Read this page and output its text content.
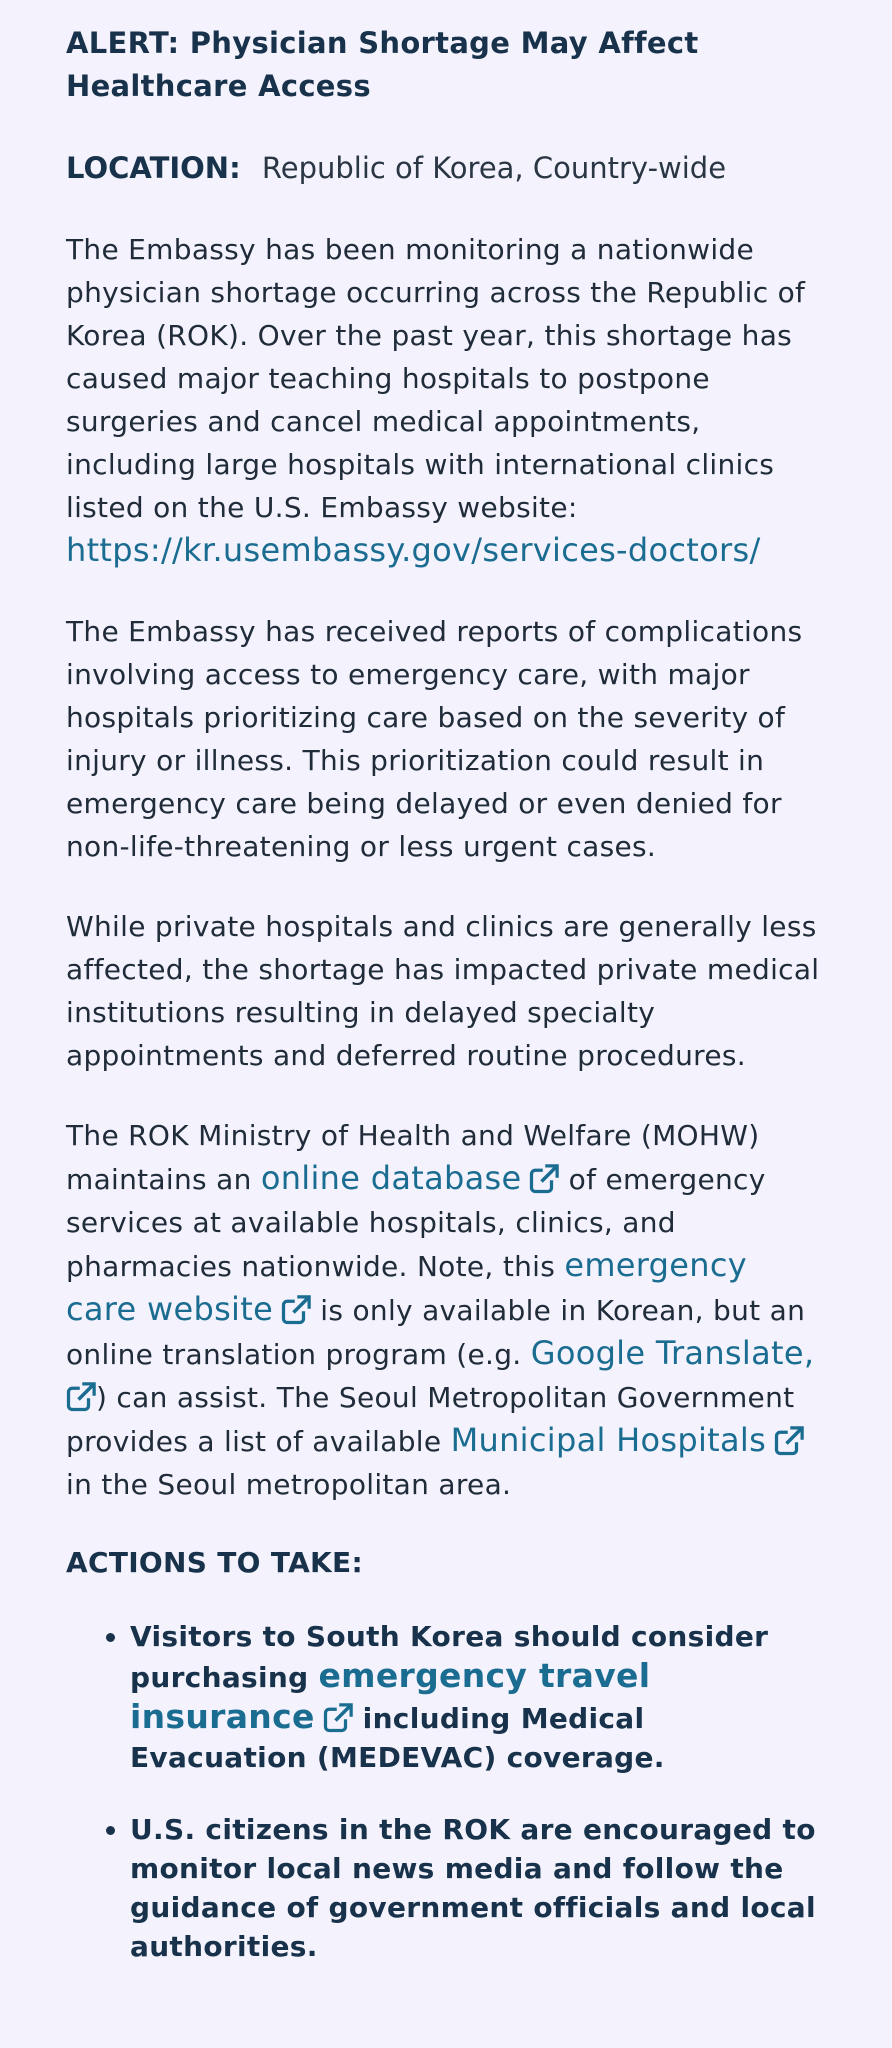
ALERT: Physician Shortage May Affect Healthcare Access
LOCATION: Republic of Korea, Country-wide

The Embassy has been monitoring a nationwide physician shortage occurring across the Republic of Korea (ROK). Over the past year, this shortage has caused major teaching hospitals to postpone surgeries and cancel medical appointments, including large hospitals with international clinics listed on the U.S. Embassy website: https://kr.usembassy.gov/services-doctors/

The Embassy has received reports of complications involving access to emergency care, with major hospitals prioritizing care based on the severity of injury or illness. This prioritization could result in emergency care being delayed or even denied for non-life-threatening or less urgent cases.

While private hospitals and clinics are generally less affected, the shortage has impacted private medical institutions resulting in delayed specialty appointments and deferred routine procedures.

The ROK Ministry of Health and Welfare (MOHW) maintains an online database
of emergency services at available hospitals, clinics, and pharmacies nationwide. Note, this emergency care website
is only available in Korean, but an online translation program (e.g. Google Translate,
) can assist. The Seoul Metropolitan Government provides a list of available Municipal Hospitals
in the Seoul metropolitan area.

ACTIONS TO TAKE:
• Visitors to South Korea should consider purchasing emergency travel insurance
including Medical Evacuation (MEDEVAC) coverage.
• U.S. citizens in the ROK are encouraged to monitor local news media and follow the guidance of government officials and local authorities.
